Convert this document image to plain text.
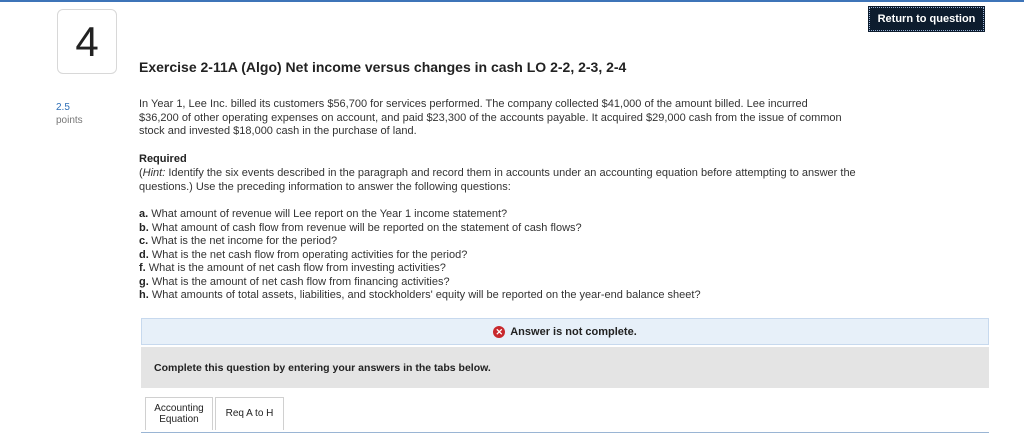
4
2.5
points
Return to question
Exercise 2-11A (Algo) Net income versus changes in cash LO 2-2, 2-3, 2-4
In Year 1, Lee Inc. billed its customers $56,700 for services performed. The company collected $41,000 of the amount billed. Lee incurred $36,200 of other operating expenses on account, and paid $23,300 of the accounts payable. It acquired $29,000 cash from the issue of common stock and invested $18,000 cash in the purchase of land.
Required
(Hint: Identify the six events described in the paragraph and record them in accounts under an accounting equation before attempting to answer the questions.) Use the preceding information to answer the following questions:
a. What amount of revenue will Lee report on the Year 1 income statement?
b. What amount of cash flow from revenue will be reported on the statement of cash flows?
c. What is the net income for the period?
d. What is the net cash flow from operating activities for the period?
f. What is the amount of net cash flow from investing activities?
g. What is the amount of net cash flow from financing activities?
h. What amounts of total assets, liabilities, and stockholders' equity will be reported on the year-end balance sheet?
✕ Answer is not complete.
Complete this question by entering your answers in the tabs below.
Accounting
Equation
Req A to H
